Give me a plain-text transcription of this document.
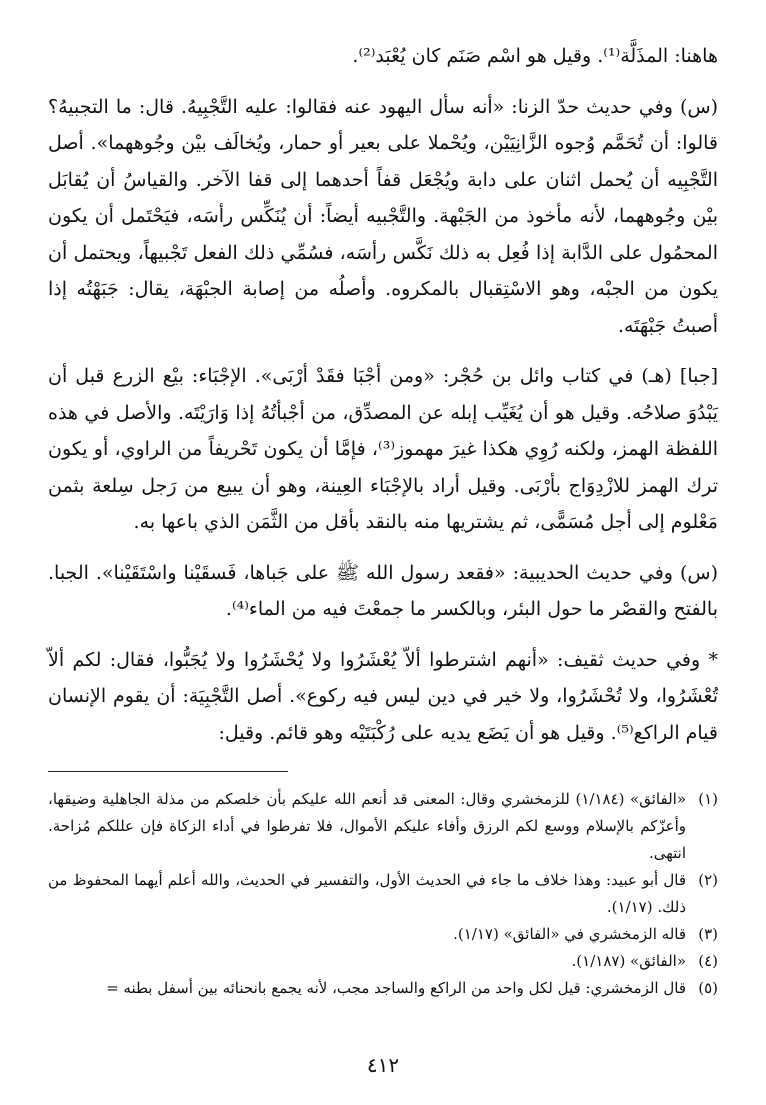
هاهنا: المذَلَّة⁽¹⁾. وقيل هو اسْم صَنَم كان يُعْبَد⁽²⁾.

(س) وفي حديث حدّ الزنا: «أنه سأل اليهود عنه فقالوا: عليه التَّجْبِيهُ. قال: ما التجبيهُ؟ قالوا: أن تُحَمَّم وُجوه الزَّانِيَيْن، ويُحْملا على بعير أو حمار، ويُخالَف بيْن وجُوههما». أصل التَّجْبِيه أن يُحمل اثنان على دابة ويُجْعَل قفاً أحدهما إلى قفا الآخر. والقياسُ أن يُقابَل بيْن وجُوههما، لأنه مأخوذ من الجَبْهة. والتَّجْبيه أيضاً: أن يُنَكِّس رأسَه، فيَحْتَمل أن يكون المحمُول على الدَّابة إذا فُعِل به ذلك نَكَّس رأسَه، فسُمِّي ذلك الفعل تَجْبيهاً، ويحتمل أن يكون من الجبْه، وهو الاسْتِقبال بالمكروه. وأصلُه من إصابة الجبْهَة، يقال: جَبَهْتُه إذا أصبتُ جَبْهَتَه.

[جبا] (هـ) في كتاب وائل بن حُجْر: «ومن أجْبَا فقَدْ أرْبَى». الإجْبَاء: بيْع الزرع قبل أن يَبْدُوَ صلاحُه. وقيل هو أن يُغَيِّب إبله عن المصدِّق، من أجْبأتُهُ إذا وَارَيْتَه. والأصل في هذه اللفظة الهمز، ولكنه رُوِي هكذا غيرَ مهموز⁽³⁾، فإمَّا أن يكون تَحْريفاً من الراوي، أو يكون ترك الهمز للازْدِوَاج بأرْبَى. وقيل أراد بالإجْبَاء العِينة، وهو أن يبيع من رَجل سِلعة بثمن مَعْلوم إلى أجل مُسَمًّى، ثم يشتريها منه بالنقد بأقل من الثَّمَن الذي باعها به.

(س) وفي حديث الحديبية: «فقعد رسول الله ﷺ على جَباها، فَسقَيْنا واسْتَقَيْنا». الجبا. بالفتح والقصْر ما حول البئر، وبالكسر ما جمعْتَ فيه من الماء⁽⁴⁾.

* وفي حديث ثقيف: «أنهم اشترطوا ألاّ يُعْشَرُوا ولا يُحْشَرُوا ولا يُجَبُّوا، فقال: لكم ألاّ تُعْشَرُوا، ولا تُحْشَرُوا، ولا خير في دين ليس فيه ركوع». أصل التَّجْبِيَة: أن يقوم الإنسان قيام الراكع⁽⁵⁾. وقيل هو أن يَضَع يديه على رُكْبَتَيْه وهو قائم. وقيل:

(١)
«الفائق» (١/١٨٤) للزمخشري وقال: المعنى قد أنعم الله عليكم بأن خلصكم من مذلة الجاهلية وضيقها، وأعزّكم بالإسلام ووسع لكم الرزق وأفاء عليكم الأموال، فلا تفرطوا في أداء الزكاة فإن عللكم مُزاحة. انتهى.
(٢)
قال أبو عبيد: وهذا خلاف ما جاء في الحديث الأول، والتفسير في الحديث، والله أعلم أيهما المحفوظ من ذلك. (١/١٧).
(٣)
قاله الزمخشري في «الفائق» (١/١٧).
(٤)
«الفائق» (١/١٨٧).
(٥)
قال الزمخشري: قيل لكل واحد من الراكع والساجد مجب، لأنه يجمع بانحنائه بين أسفل بطنه =
٤١٢
